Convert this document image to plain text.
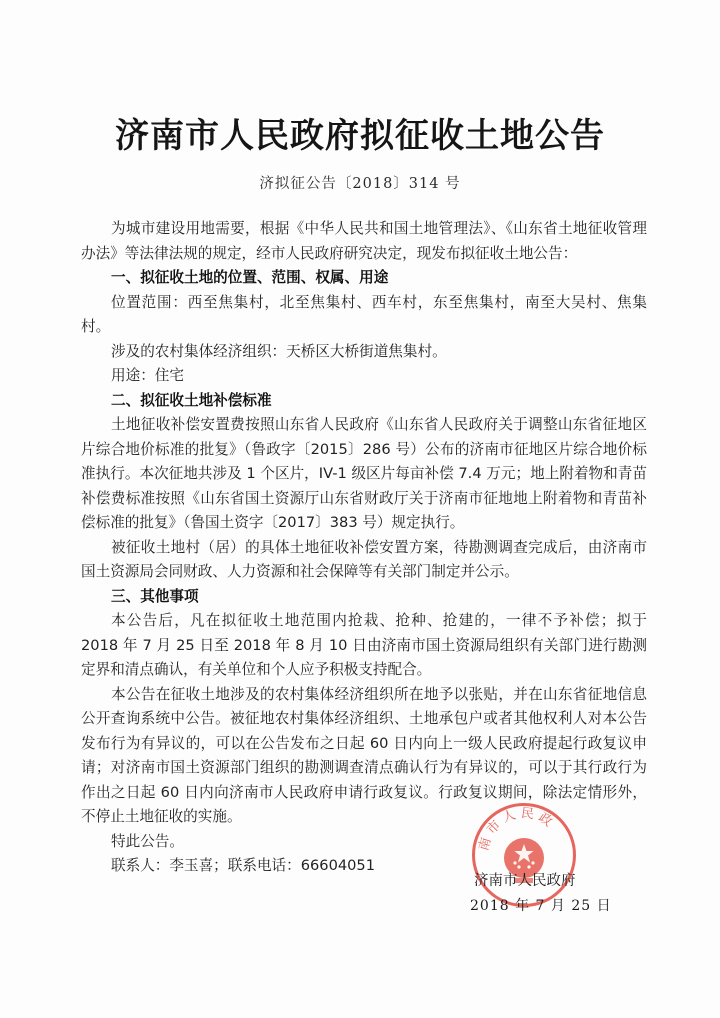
济南市人民政府拟征收土地公告
济拟征公告〔2018〕314 号

为城市建设用地需要，根据《中华人民共和国土地管理法》、《山东省土地征收管理办法》等法律法规的规定，经市人民政府研究决定，现发布拟征收土地公告：

一、拟征收土地的位置、范围、权属、用途

位置范围：西至焦集村，北至焦集村、西车村，东至焦集村，南至大吴村、焦集村。

涉及的农村集体经济组织：天桥区大桥街道焦集村。

用途：住宅

二、拟征收土地补偿标准

土地征收补偿安置费按照山东省人民政府《山东省人民政府关于调整山东省征地区片综合地价标准的批复》（鲁政字〔2015〕286 号）公布的济南市征地区片综合地价标准执行。本次征地共涉及 1 个区片，IV-1 级区片每亩补偿 7.4 万元；地上附着物和青苗补偿费标准按照《山东省国土资源厅山东省财政厅关于济南市征地地上附着物和青苗补偿标准的批复》（鲁国土资字〔2017〕383 号）规定执行。

被征收土地村（居）的具体土地征收补偿安置方案，待勘测调查完成后，由济南市国土资源局会同财政、人力资源和社会保障等有关部门制定并公示。

三、其他事项

本公告后，凡在拟征收土地范围内抢栽、抢种、抢建的，一律不予补偿；拟于 2018 年 7 月 25 日至 2018 年 8 月 10 日由济南市国土资源局组织有关部门进行勘测定界和清点确认，有关单位和个人应予积极支持配合。

本公告在征收土地涉及的农村集体经济组织所在地予以张贴，并在山东省征地信息公开查询系统中公告。被征地农村集体经济组织、土地承包户或者其他权利人对本公告发布行为有异议的，可以在公告发布之日起 60 日内向上一级人民政府提起行政复议申请；对济南市国土资源部门组织的勘测调查清点确认行为有异议的，可以于其行政行为作出之日起 60 日内向济南市人民政府申请行政复议。行政复议期间，除法定情形外，不停止土地征收的实施。

特此公告。

联系人：李玉喜；联系电话：66604051

南市人民政
济南市人民政府
2018 年 7 月 25 日
